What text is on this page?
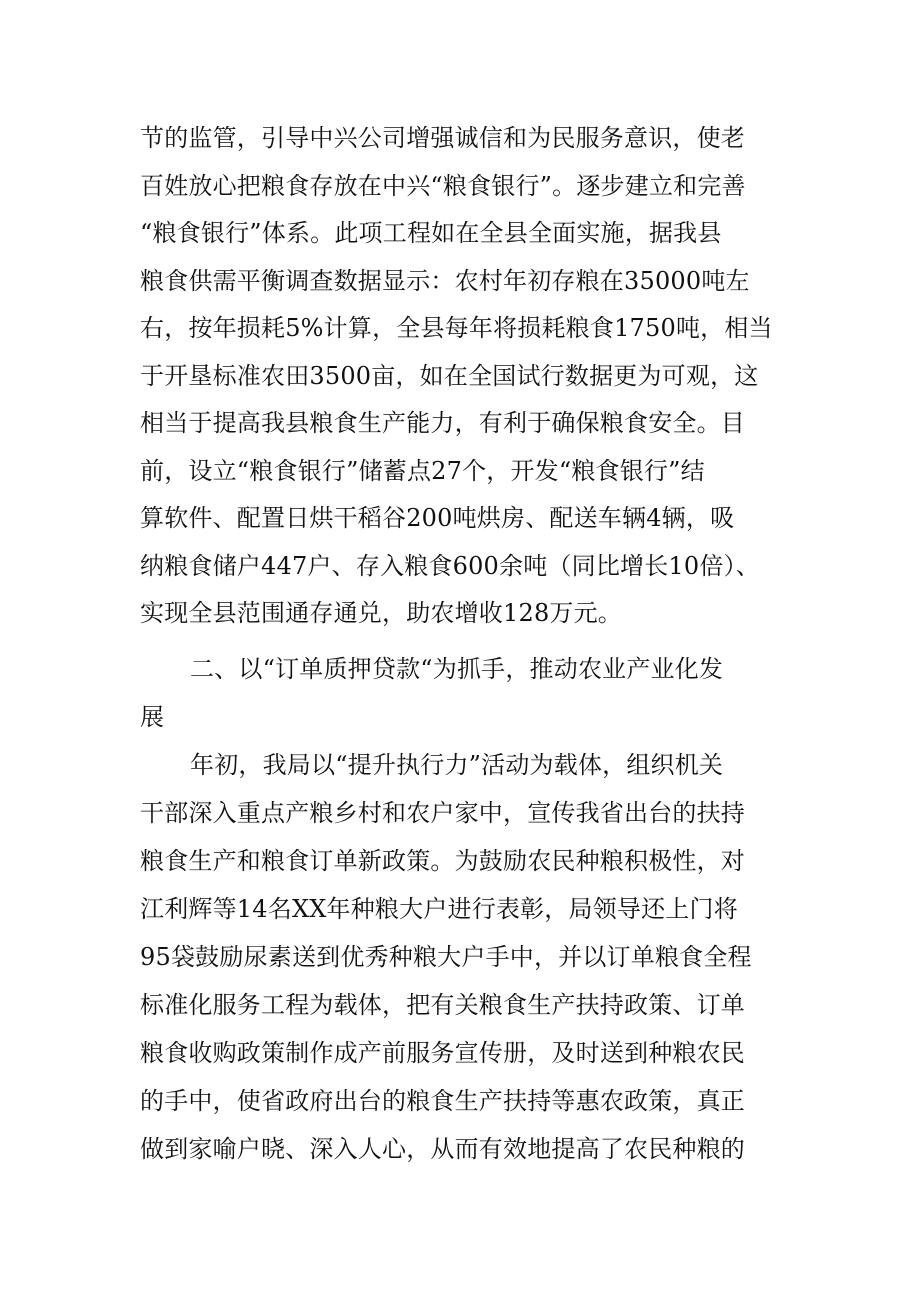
节的监管，引导中兴公司增强诚信和为民服务意识，使老
百姓放心把粮食存放在中兴“粮食银行”。逐步建立和完善
“粮食银行”体系。此项工程如在全县全面实施，据我县
粮食供需平衡调查数据显示：农村年初存粮在35000吨左
右，按年损耗5%计算，全县每年将损耗粮食1750吨，相当
于开垦标准农田3500亩，如在全国试行数据更为可观，这
相当于提高我县粮食生产能力，有利于确保粮食安全。目
前，设立“粮食银行”储蓄点27个，开发“粮食银行”结
算软件、配置日烘干稻谷200吨烘房、配送车辆4辆，吸
纳粮食储户447户、存入粮食600余吨（同比增长10倍）、
实现全县范围通存通兑，助农增收128万元。
二、以“订单质押贷款“为抓手，推动农业产业化发
展
年初，我局以“提升执行力”活动为载体，组织机关
干部深入重点产粮乡村和农户家中，宣传我省出台的扶持
粮食生产和粮食订单新政策。为鼓励农民种粮积极性，对
江利辉等14名XX年种粮大户进行表彰，局领导还上门将
95袋鼓励尿素送到优秀种粮大户手中，并以订单粮食全程
标准化服务工程为载体，把有关粮食生产扶持政策、订单
粮食收购政策制作成产前服务宣传册，及时送到种粮农民
的手中，使省政府出台的粮食生产扶持等惠农政策，真正
做到家喻户晓、深入人心，从而有效地提高了农民种粮的
